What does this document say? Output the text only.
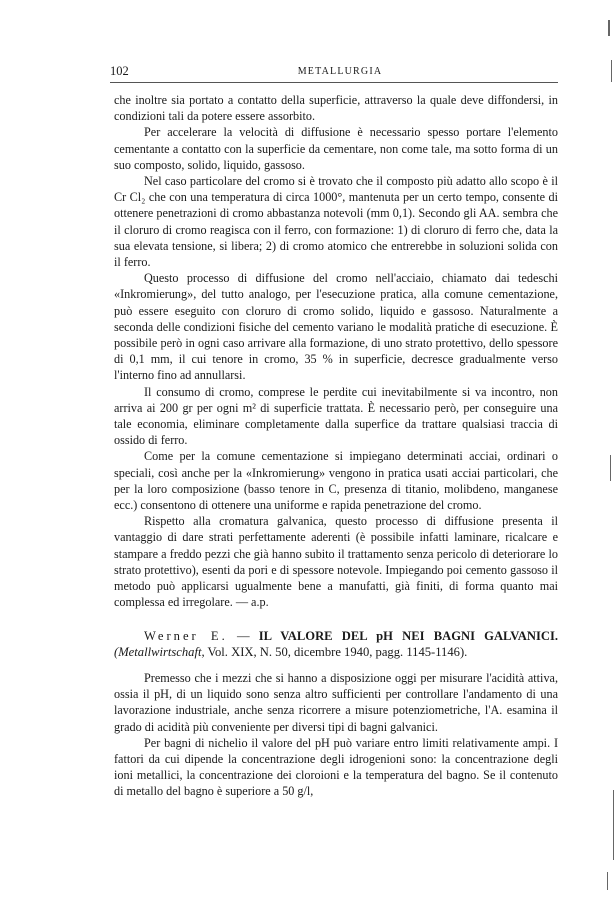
102	METALLURGIA

che inoltre sia portato a contatto della superficie, attraverso la quale deve diffondersi, in condizioni tali da potere essere assorbito.

Per accelerare la velocità di diffusione è necessario spesso portare l'elemento cementante a contatto con la superficie da cementare, non come tale, ma sotto forma di un suo composto, solido, liquido, gassoso.

Nel caso particolare del cromo si è trovato che il composto più adatto allo scopo è il Cr Cl₂ che con una temperatura di circa 1000°, mantenuta per un certo tempo, consente di ottenere penetrazioni di cromo abbastanza notevoli (mm 0,1). Secondo gli AA. sembra che il cloruro di cromo reagisca con il ferro, con formazione: 1) di cloruro di ferro che, data la sua elevata tensione, si libera; 2) di cromo atomico che entrerebbe in soluzioni solida con il ferro.

Questo processo di diffusione del cromo nell'acciaio, chiamato dai tedeschi «Inkromierung», del tutto analogo, per l'esecuzione pratica, alla comune cementazione, può essere eseguito con cloruro di cromo solido, liquido e gassoso. Naturalmente a seconda delle condizioni fisiche del cemento variano le modalità pratiche di esecuzione. È possibile però in ogni caso arrivare alla formazione, di uno strato protettivo, dello spessore di 0,1 mm, il cui tenore in cromo, 35 % in superficie, decresce gradualmente verso l'interno fino ad annullarsi.

Il consumo di cromo, comprese le perdite cui inevitabilmente si va incontro, non arriva ai 200 gr per ogni m² di superficie trattata. È necessario però, per conseguire una tale economia, eliminare completamente dalla superfice da trattare qualsiasi traccia di ossido di ferro.

Come per la comune cementazione si impiegano determinati acciai, ordinari o speciali, così anche per la «Inkromierung» vengono in pratica usati acciai particolari, che per la loro composizione (basso tenore in C, presenza di titanio, molibdeno, manganese ecc.) consentono di ottenere una uniforme e rapida penetrazione del cromo.

Rispetto alla cromatura galvanica, questo processo di diffusione presenta il vantaggio di dare strati perfettamente aderenti (è possibile infatti laminare, ricalcare e stampare a freddo pezzi che già hanno subito il trattamento senza pericolo di deteriorare lo strato protettivo), esenti da pori e di spessore notevole. Impiegando poi cemento gassoso il metodo può applicarsi ugualmente bene a manufatti, già finiti, di forma quanto mai complessa ed irregolare. — a.p.

Werner E. — IL VALORE DEL pH NEI BAGNI GALVANICI. (Metallwirtschaft, Vol. XIX, N. 50, dicembre 1940, pagg. 1145-1146).

Premesso che i mezzi che si hanno a disposizione oggi per misurare l'acidità attiva, ossia il pH, di un liquido sono senza altro sufficienti per controllare l'andamento di una lavorazione industriale, anche senza ricorrere a misure potenziometriche, l'A. esamina il grado di acidità più conveniente per diversi tipi di bagni galvanici.

Per bagni di nichelio il valore del pH può variare entro limiti relativamente ampi. I fattori da cui dipende la concentrazione degli idrogenioni sono: la concentrazione degli ioni metallici, la concentrazione dei cloroioni e la temperatura del bagno. Se il contenuto di metallo del bagno è superiore a 50 g/l,
